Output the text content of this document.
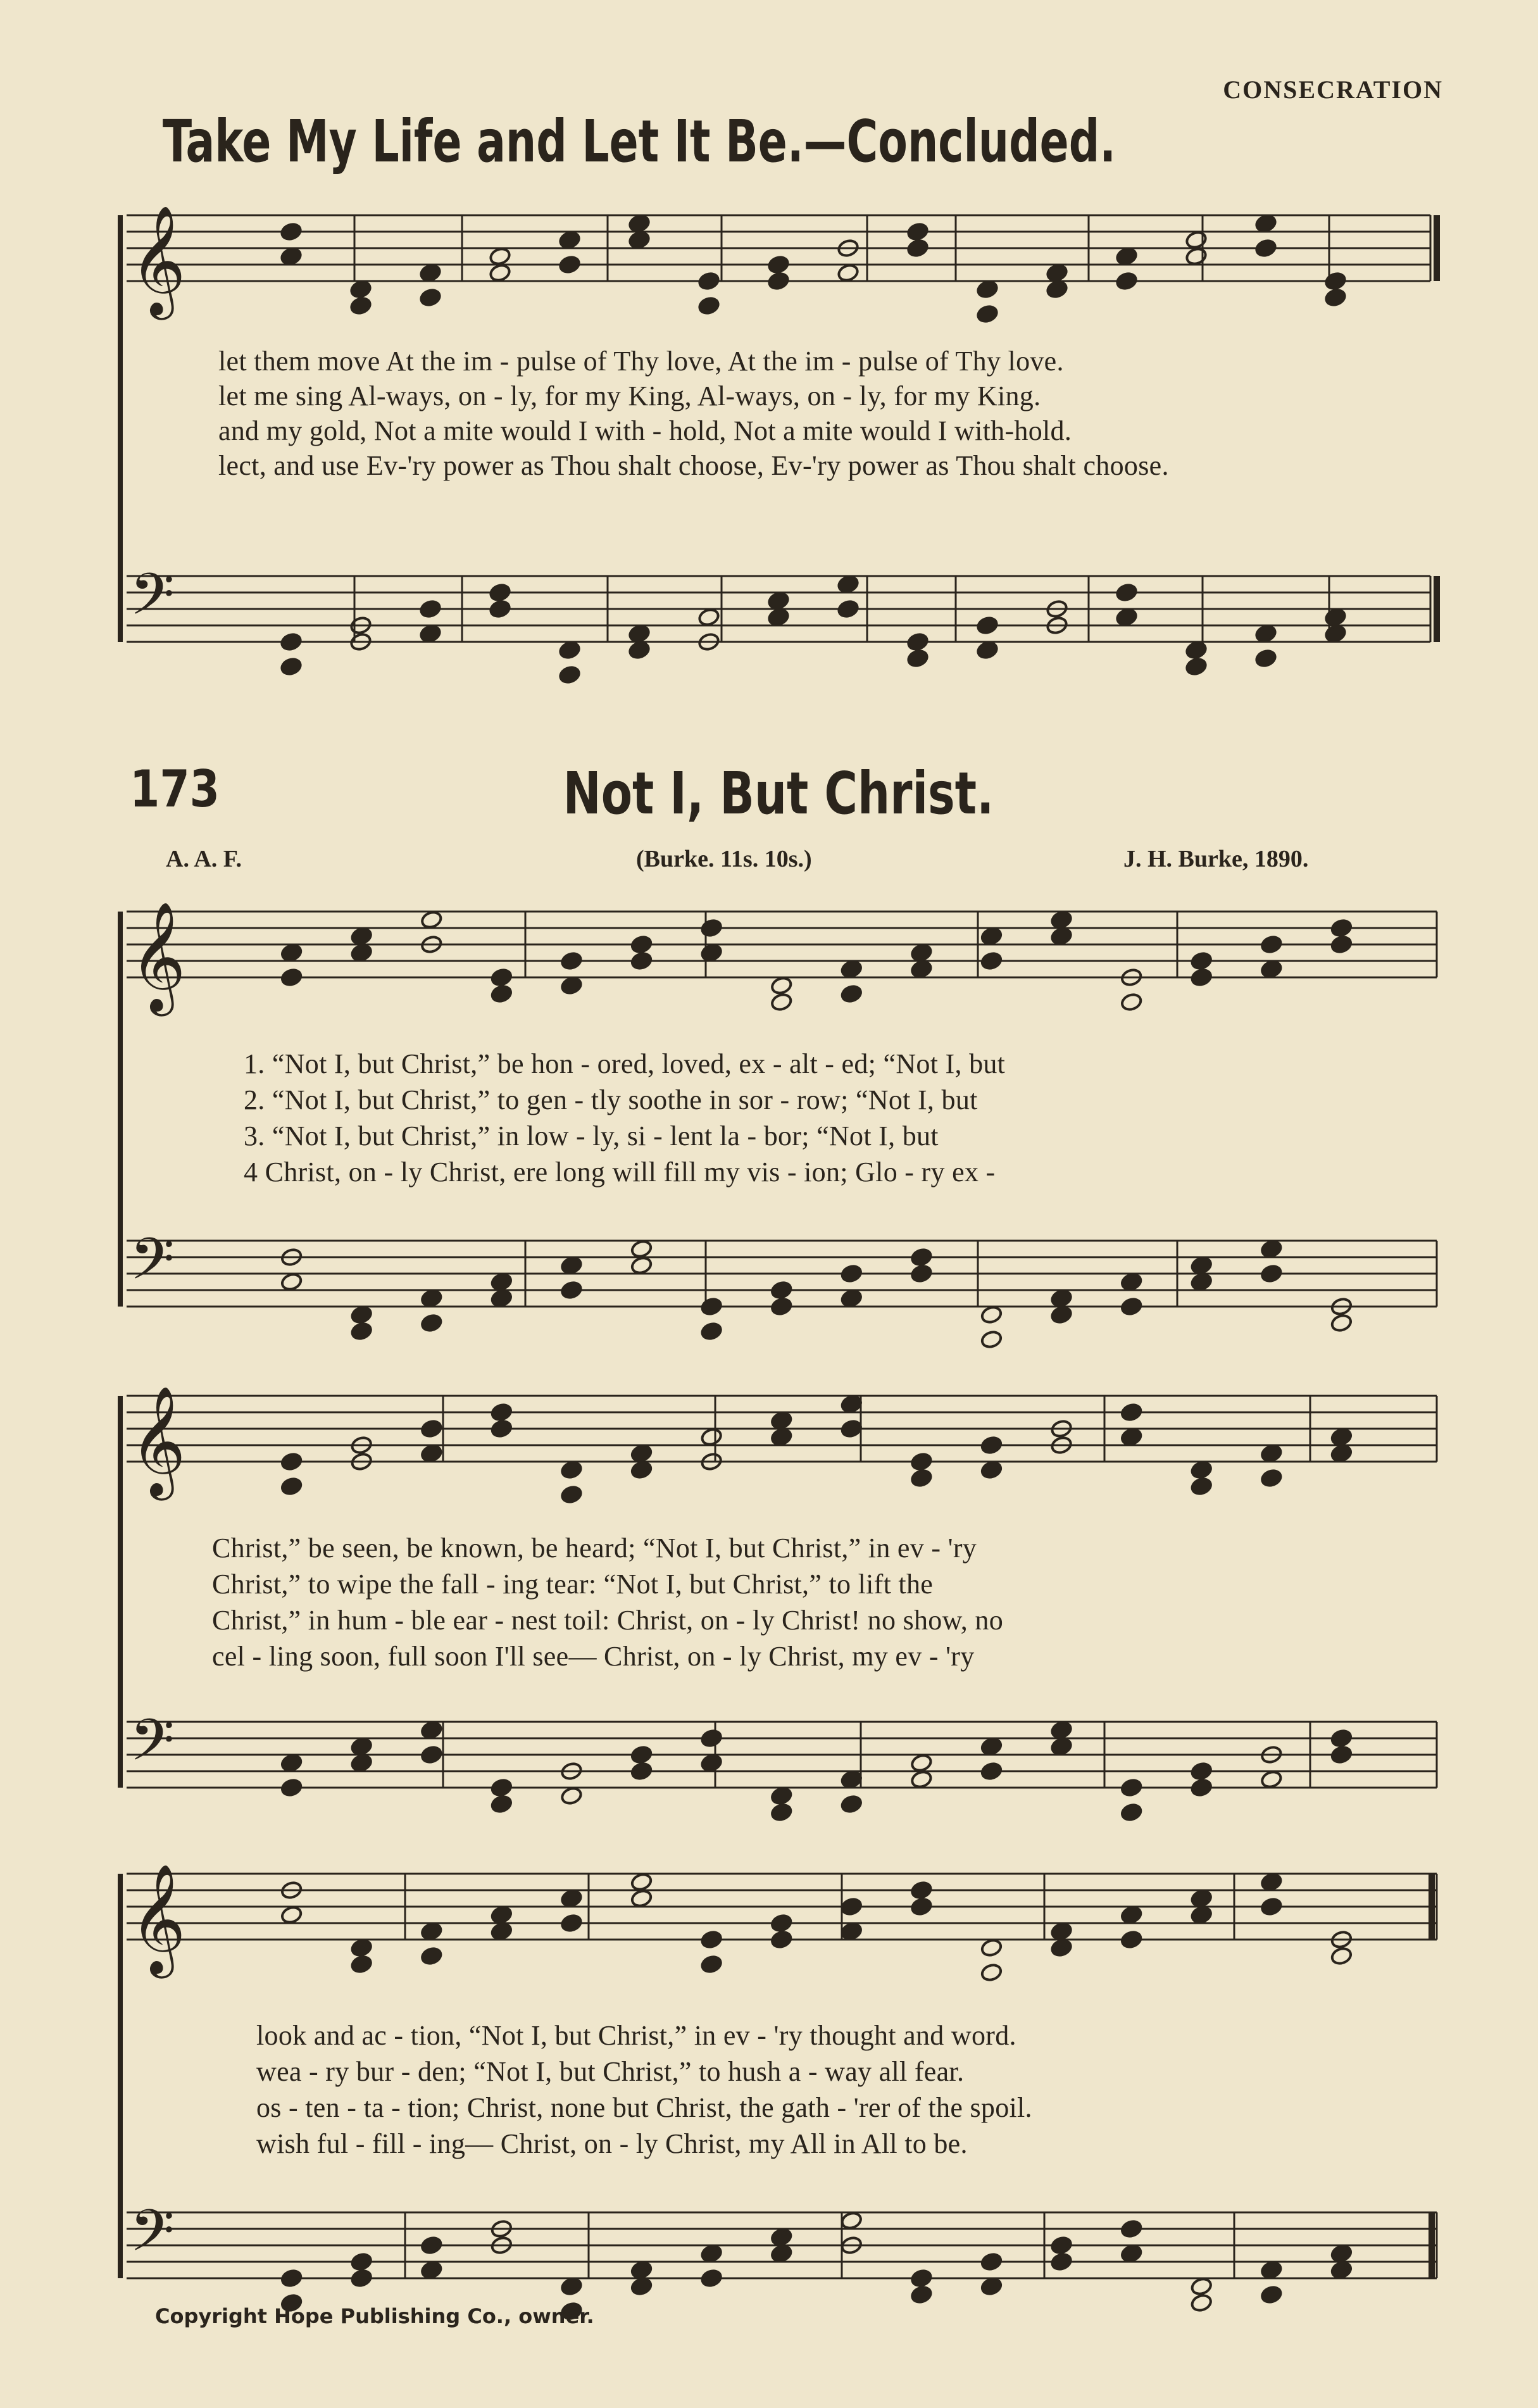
CONSECRATION
Take My Life and Let It Be.—Concluded.
𝄞
𝄢
𝄞
𝄢
𝄞
𝄢
𝄞
𝄢
let them move At the im - pulse of Thy love, At the im - pulse of Thy love.
let me sing Al-ways, on - ly, for my King, Al-ways, on - ly, for my King.
and my gold, Not a mite would I with - hold, Not a mite would I with-hold.
lect, and use Ev-'ry power as Thou shalt choose, Ev-'ry power as Thou shalt choose.
173	Not I, But Christ.
A. A. F.	(Burke. 11s. 10s.)	J. H. Burke, 1890.
1. “Not I, but Christ,” be hon - ored, loved, ex - alt - ed; “Not I, but
2. “Not I, but Christ,” to gen - tly soothe in sor - row; “Not I, but
3. “Not I, but Christ,” in low - ly, si - lent la - bor; “Not I, but
4 Christ, on - ly Christ, ere long will fill my vis - ion; Glo - ry ex -
Christ,” be seen, be known, be heard; “Not I, but Christ,” in ev - 'ry
Christ,” to wipe the fall - ing tear: “Not I, but Christ,” to lift the
Christ,” in hum - ble ear - nest toil: Christ, on - ly Christ! no show, no
cel - ling soon, full soon I'll see— Christ, on - ly Christ, my ev - 'ry
look and ac - tion, “Not I, but Christ,” in ev - 'ry thought and word.
wea - ry bur - den; “Not I, but Christ,” to hush a - way all fear.
os - ten - ta - tion; Christ, none but Christ, the gath - 'rer of the spoil.
wish ful - fill - ing— Christ, on - ly Christ, my All in All to be.
Copyright Hope Publishing Co., owner.
